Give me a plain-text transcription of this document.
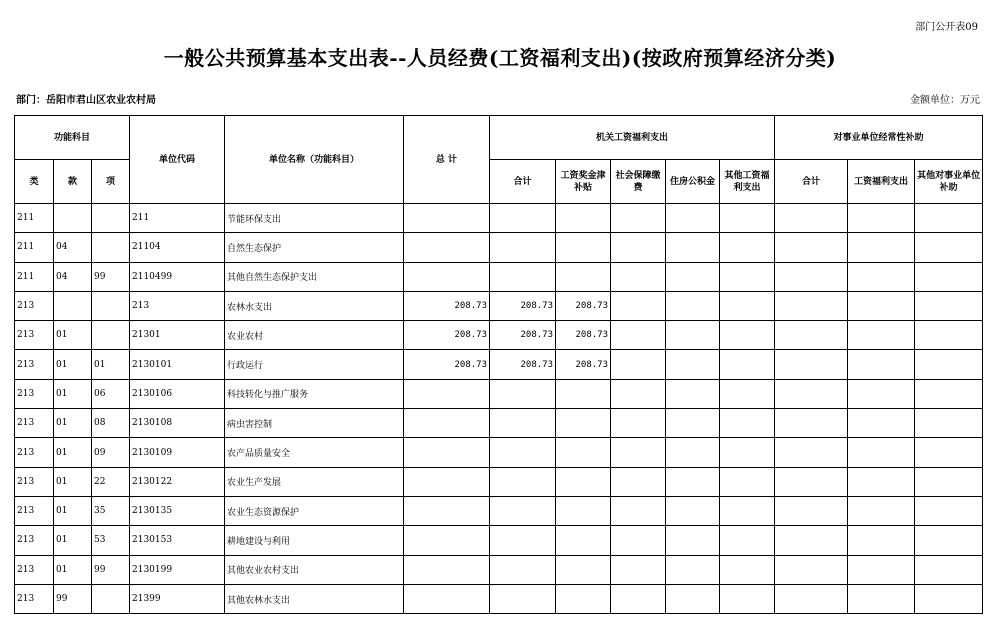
部门公开表09
一般公共预算基本支出表--人员经费(工资福利支出)(按政府预算经济分类)
部门：岳阳市君山区农业农村局	金额单位：万元
功能科目			单位代码	单位名称（功能科目）	总 计	机关工资福利支出					对事业单位经常性补助		
类	款	项				合计	工资奖金津补贴	社会保障缴费	住房公积金	其他工资福利支出	合计	工资福利支出	其他对事业单位补助
211			211	节能环保支出									
211	04		21104	自然生态保护									
211	04	99	2110499	其他自然生态保护支出									
213			213	农林水支出	208.73	208.73	208.73						
213	01		21301	农业农村	208.73	208.73	208.73						
213	01	01	2130101	行政运行	208.73	208.73	208.73						
213	01	06	2130106	科技转化与推广服务									
213	01	08	2130108	病虫害控制									
213	01	09	2130109	农产品质量安全									
213	01	22	2130122	农业生产发展									
213	01	35	2130135	农业生态资源保护									
213	01	53	2130153	耕地建设与利用									
213	01	99	2130199	其他农业农村支出									
213	99		21399	其他农林水支出									
